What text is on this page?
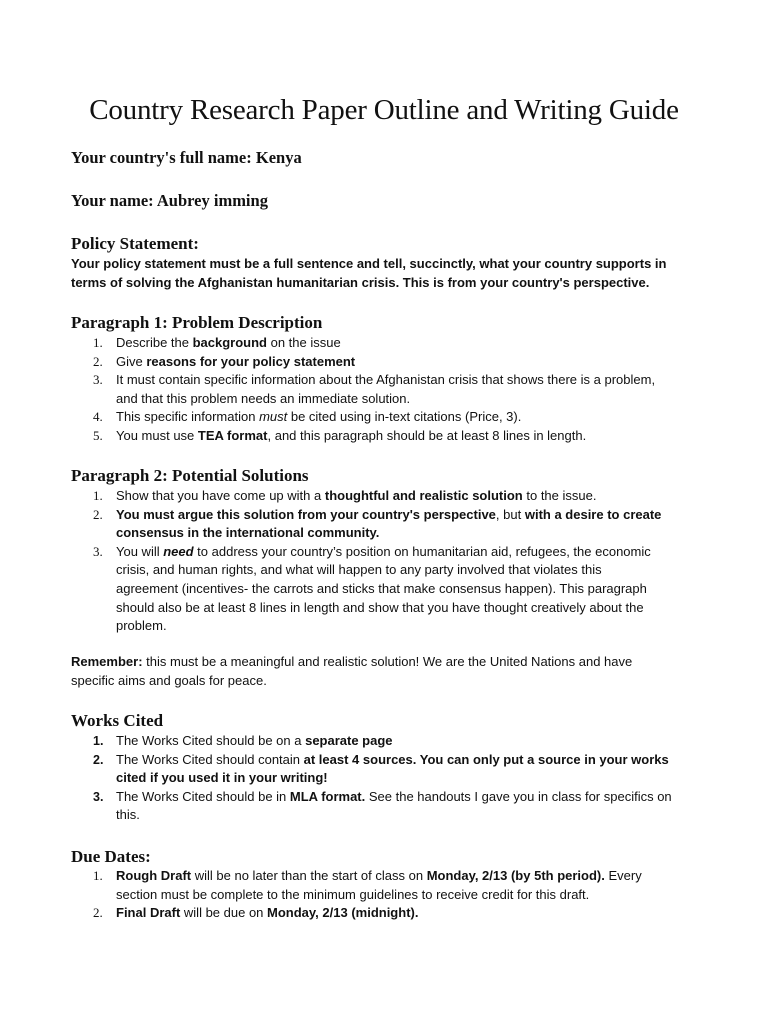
Country Research Paper Outline and Writing Guide

Your country's full name: Kenya

Your name: Aubrey imming

Policy Statement:

Your policy statement must be a full sentence and tell, succinctly, what your country supports in
terms of solving the Afghanistan humanitarian crisis. This is from your country's perspective.

Paragraph 1: Problem Description

1. Describe the background on the issue
2. Give reasons for your policy statement
3. It must contain specific information about the Afghanistan crisis that shows there is a problem,
and that this problem needs an immediate solution.
4. This specific information must be cited using in-text citations (Price, 3).
5. You must use TEA format, and this paragraph should be at least 8 lines in length.

Paragraph 2: Potential Solutions

1. Show that you have come up with a thoughtful and realistic solution to the issue.
2. You must argue this solution from your country's perspective, but with a desire to create
consensus in the international community.
3. You will need to address your country’s position on humanitarian aid, refugees, the economic
crisis, and human rights, and what will happen to any party involved that violates this
agreement (incentives- the carrots and sticks that make consensus happen). This paragraph
should also be at least 8 lines in length and show that you have thought creatively about the
problem.

Remember: this must be a meaningful and realistic solution! We are the United Nations and have
specific aims and goals for peace.

Works Cited

1. The Works Cited should be on a separate page
2. The Works Cited should contain at least 4 sources. You can only put a source in your works
cited if you used it in your writing!
3. The Works Cited should be in MLA format. See the handouts I gave you in class for specifics on
this.

Due Dates:

1. Rough Draft will be no later than the start of class on Monday, 2/13 (by 5th period). Every
section must be complete to the minimum guidelines to receive credit for this draft.
2. Final Draft will be due on Monday, 2/13 (midnight).
